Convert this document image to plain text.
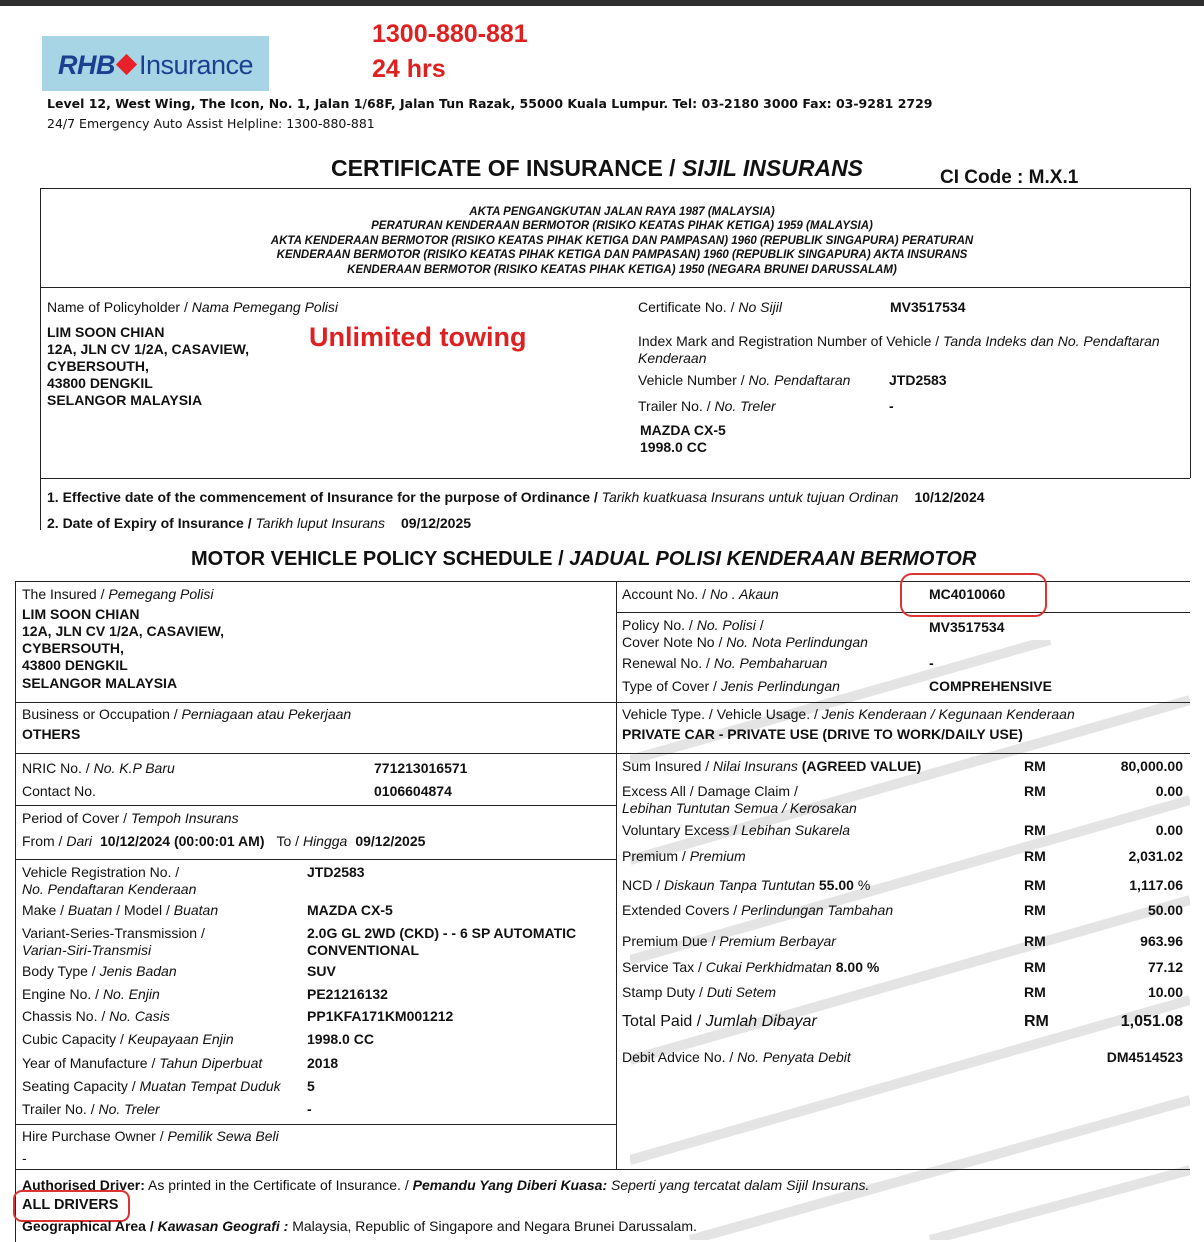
RHB Insurance
1300-880-881
24 hrs
Level 12, West Wing, The Icon, No. 1, Jalan 1/68F, Jalan Tun Razak, 55000 Kuala Lumpur. Tel: 03-2180 3000 Fax: 03-9281 2729
24/7 Emergency Auto Assist Helpline: 1300-880-881
CERTIFICATE OF INSURANCE / SIJIL INSURANS	CI Code : M.X.1
AKTA PENGANGKUTAN JALAN RAYA 1987 (MALAYSIA)
PERATURAN KENDERAAN BERMOTOR (RISIKO KEATAS PIHAK KETIGA) 1959 (MALAYSIA)
AKTA KENDERAAN BERMOTOR (RISIKO KEATAS PIHAK KETIGA DAN PAMPASAN) 1960 (REPUBLIK SINGAPURA) PERATURAN
KENDERAAN BERMOTOR (RISIKO KEATAS PIHAK KETIGA DAN PAMPASAN) 1960 (REPUBLIK SINGAPURA) AKTA INSURANS
KENDERAAN BERMOTOR (RISIKO KEATAS PIHAK KETIGA) 1950 (NEGARA BRUNEI DARUSSALAM)
Name of Policyholder / Nama Pemegang Polisi
LIM SOON CHIAN
12A, JLN CV 1/2A, CASAVIEW,
CYBERSOUTH,
43800 DENGKIL
SELANGOR MALAYSIA
Unlimited towing
Certificate No. / No Sijil	MV3517534
Index Mark and Registration Number of Vehicle / Tanda Indeks dan No. Pendaftaran
Kenderaan
Vehicle Number / No. Pendaftaran	JTD2583
Trailer No. / No. Treler	-
MAZDA CX-5
1998.0 CC
1. Effective date of the commencement of Insurance for the purpose of Ordinance / Tarikh kuatkuasa Insurans untuk tujuan Ordinan 10/12/2024
2. Date of Expiry of Insurance / Tarikh luput Insurans 09/12/2025
MOTOR VEHICLE POLICY SCHEDULE / JADUAL POLISI KENDERAAN BERMOTOR
The Insured / Pemegang Polisi
LIM SOON CHIAN
12A, JLN CV 1/2A, CASAVIEW,
CYBERSOUTH,
43800 DENGKIL
SELANGOR MALAYSIA
Account No. / No . Akaun	MC4010060
Policy No. / No. Polisi /
Cover Note No / No. Nota Perlindungan
MV3517534
Renewal No. / No. Pembaharuan	-
Type of Cover / Jenis Perlindungan	COMPREHENSIVE
Business or Occupation / Perniagaan atau Pekerjaan
OTHERS
Vehicle Type. / Vehicle Usage. / Jenis Kenderaan / Kegunaan Kenderaan
PRIVATE CAR - PRIVATE USE (DRIVE TO WORK/DAILY USE)
NRIC No. / No. K.P Baru	771213016571
Contact No.	0106604874
Period of Cover / Tempoh Insurans
From / Dari 10/12/2024 (00:00:01 AM) To / Hingga 09/12/2025
Vehicle Registration No. /
No. Pendaftaran Kenderaan
JTD2583
Make / Buatan / Model / Buatan	MAZDA CX-5
Variant-Series-Transmission /
Varian-Siri-Transmisi
2.0G GL 2WD (CKD) - - 6 SP AUTOMATIC
CONVENTIONAL
Body Type / Jenis Badan	SUV
Engine No. / No. Enjin	PE21216132
Chassis No. / No. Casis	PP1KFA171KM001212
Cubic Capacity / Keupayaan Enjin	1998.0 CC
Year of Manufacture / Tahun Diperbuat	2018
Seating Capacity / Muatan Tempat Duduk 5
Trailer No. / No. Treler	-
Hire Purchase Owner / Pemilik Sewa Beli
-
Sum Insured / Nilai Insurans (AGREED VALUE)	RM	80,000.00
Excess All / Damage Claim /
Lebihan Tuntutan Semua / Kerosakan
RM	0.00
Voluntary Excess / Lebihan Sukarela	RM	0.00
Premium / Premium	RM	2,031.02
NCD / Diskaun Tanpa Tuntutan 55.00 %	RM	1,117.06
Extended Covers / Perlindungan Tambahan	RM	50.00
Premium Due / Premium Berbayar	RM	963.96
Service Tax / Cukai Perkhidmatan 8.00 %	RM	77.12
Stamp Duty / Duti Setem	RM	10.00
Total Paid / Jumlah Dibayar	RM	1,051.08
Debit Advice No. / No. Penyata Debit	DM4514523
Authorised Driver: As printed in the Certificate of Insurance. / Pemandu Yang Diberi Kuasa: Seperti yang tercatat dalam Sijil Insurans.
ALL DRIVERS
Geographical Area / Kawasan Geografi : Malaysia, Republic of Singapore and Negara Brunei Darussalam.
